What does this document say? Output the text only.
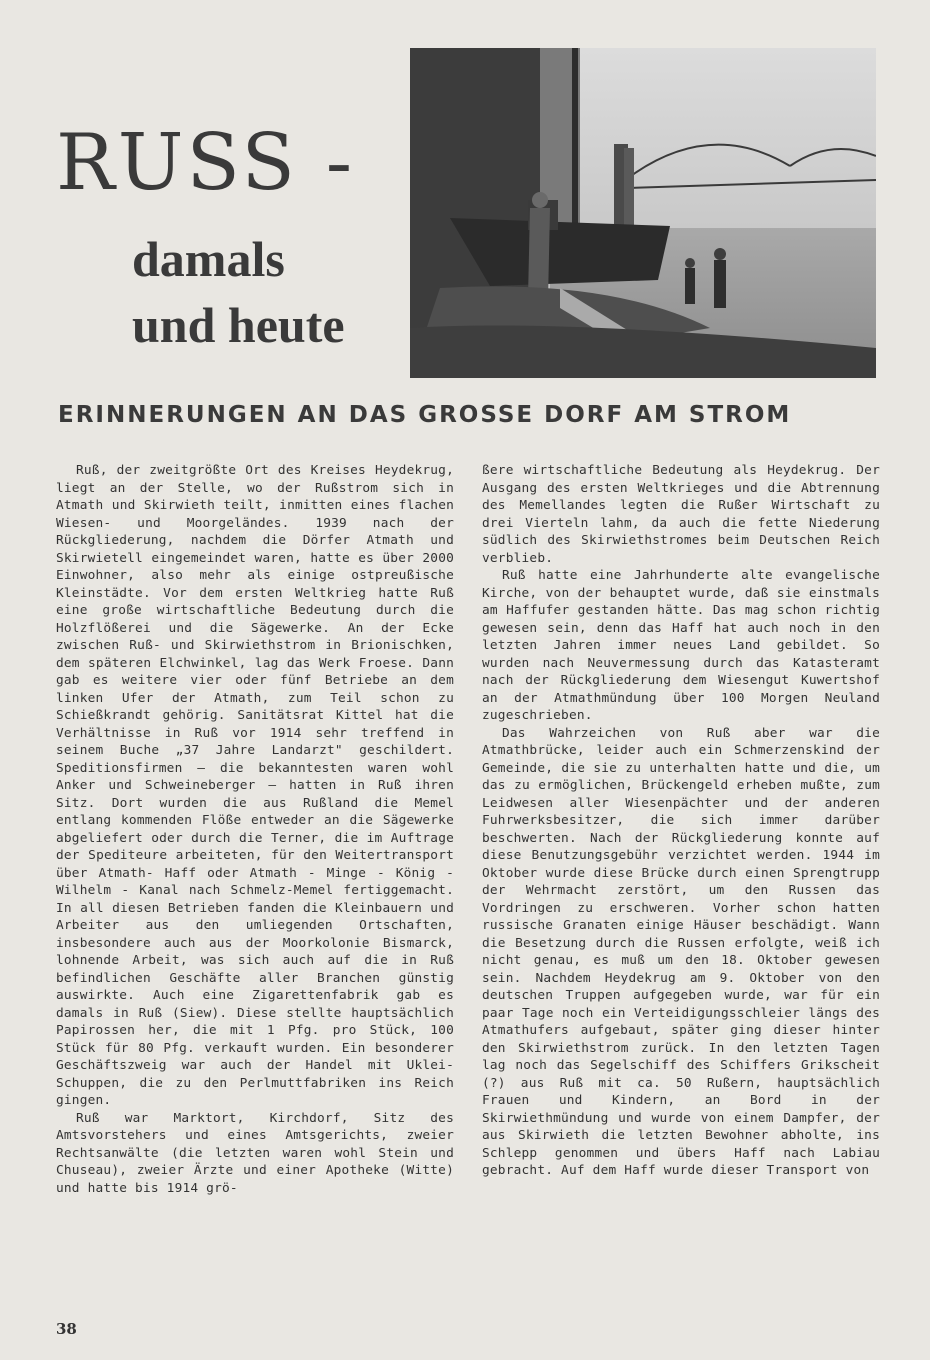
RUSS -
damals
und heute
ERINNERUNGEN AN DAS GROSSE DORF AM STROM

Ruß, der zweitgrößte Ort des Kreises Heydekrug, liegt an der Stelle, wo der Rußstrom sich in Atmath und Skirwieth teilt, inmitten eines flachen Wiesen- und Moorgeländes. 1939 nach der Rückgliederung, nachdem die Dörfer Atmath und Skirwietell eingemeindet waren, hatte es über 2000 Einwohner, also mehr als einige ostpreußische Kleinstädte. Vor dem ersten Weltkrieg hatte Ruß eine große wirtschaftliche Bedeutung durch die Holzflößerei und die Sägewerke. An der Ecke zwischen Ruß- und Skirwiethstrom in Brionischken, dem späteren Elchwinkel, lag das Werk Froese. Dann gab es weitere vier oder fünf Betriebe an dem linken Ufer der Atmath, zum Teil schon zu Schießkrandt gehörig. Sanitätsrat Kittel hat die Verhältnisse in Ruß vor 1914 sehr treffend in seinem Buche „37 Jahre Landarzt" geschildert. Speditionsfirmen — die bekanntesten waren wohl Anker und Schweineberger — hatten in Ruß ihren Sitz. Dort wurden die aus Rußland die Memel entlang kommenden Flöße entweder an die Sägewerke abgeliefert oder durch die Terner, die im Auftrage der Spediteure arbeiteten, für den Weitertransport über Atmath- Haff oder Atmath - Minge - König - Wilhelm - Kanal nach Schmelz-Memel fertiggemacht. In all diesen Betrieben fanden die Kleinbauern und Arbeiter aus den umliegenden Ortschaften, insbesondere auch aus der Moorkolonie Bismarck, lohnende Arbeit, was sich auch auf die in Ruß befindlichen Geschäfte aller Branchen günstig auswirkte. Auch eine Zigarettenfabrik gab es damals in Ruß (Siew). Diese stellte hauptsächlich Papirossen her, die mit 1 Pfg. pro Stück, 100 Stück für 80 Pfg. verkauft wurden. Ein besonderer Geschäftszweig war auch der Handel mit Uklei-Schuppen, die zu den Perlmuttfabriken ins Reich gingen.

Ruß war Marktort, Kirchdorf, Sitz des Amtsvorstehers und eines Amtsgerichts, zweier Rechtsanwälte (die letzten waren wohl Stein und Chuseau), zweier Ärzte und einer Apotheke (Witte) und hatte bis 1914 grö-

ßere wirtschaftliche Bedeutung als Heydekrug. Der Ausgang des ersten Weltkrieges und die Abtrennung des Memellandes legten die Rußer Wirtschaft zu drei Vierteln lahm, da auch die fette Niederung südlich des Skirwiethstromes beim Deutschen Reich verblieb.

Ruß hatte eine Jahrhunderte alte evangelische Kirche, von der behauptet wurde, daß sie einstmals am Haffufer gestanden hätte. Das mag schon richtig gewesen sein, denn das Haff hat auch noch in den letzten Jahren immer neues Land gebildet. So wurden nach Neuvermessung durch das Katasteramt nach der Rückgliederung dem Wiesengut Kuwertshof an der Atmathmündung über 100 Morgen Neuland zugeschrieben.

Das Wahrzeichen von Ruß aber war die Atmathbrücke, leider auch ein Schmerzenskind der Gemeinde, die sie zu unterhalten hatte und die, um das zu ermöglichen, Brückengeld erheben mußte, zum Leidwesen aller Wiesenpächter und der anderen Fuhrwerksbesitzer, die sich immer darüber beschwerten. Nach der Rückgliederung konnte auf diese Benutzungsgebühr verzichtet werden. 1944 im Oktober wurde diese Brücke durch einen Sprengtrupp der Wehrmacht zerstört, um den Russen das Vordringen zu erschweren. Vorher schon hatten russische Granaten einige Häuser beschädigt. Wann die Besetzung durch die Russen erfolgte, weiß ich nicht genau, es muß um den 18. Oktober gewesen sein. Nachdem Heydekrug am 9. Oktober von den deutschen Truppen aufgegeben wurde, war für ein paar Tage noch ein Verteidigungsschleier längs des Atmathufers aufgebaut, später ging dieser hinter den Skirwiethstrom zurück. In den letzten Tagen lag noch das Segelschiff des Schiffers Grikscheit (?) aus Ruß mit ca. 50 Rußern, hauptsächlich Frauen und Kindern, an Bord in der Skirwiethmündung und wurde von einem Dampfer, der aus Skirwieth die letzten Bewohner abholte, ins Schlepp genommen und übers Haff nach Labiau gebracht. Auf dem Haff wurde dieser Transport von

38
